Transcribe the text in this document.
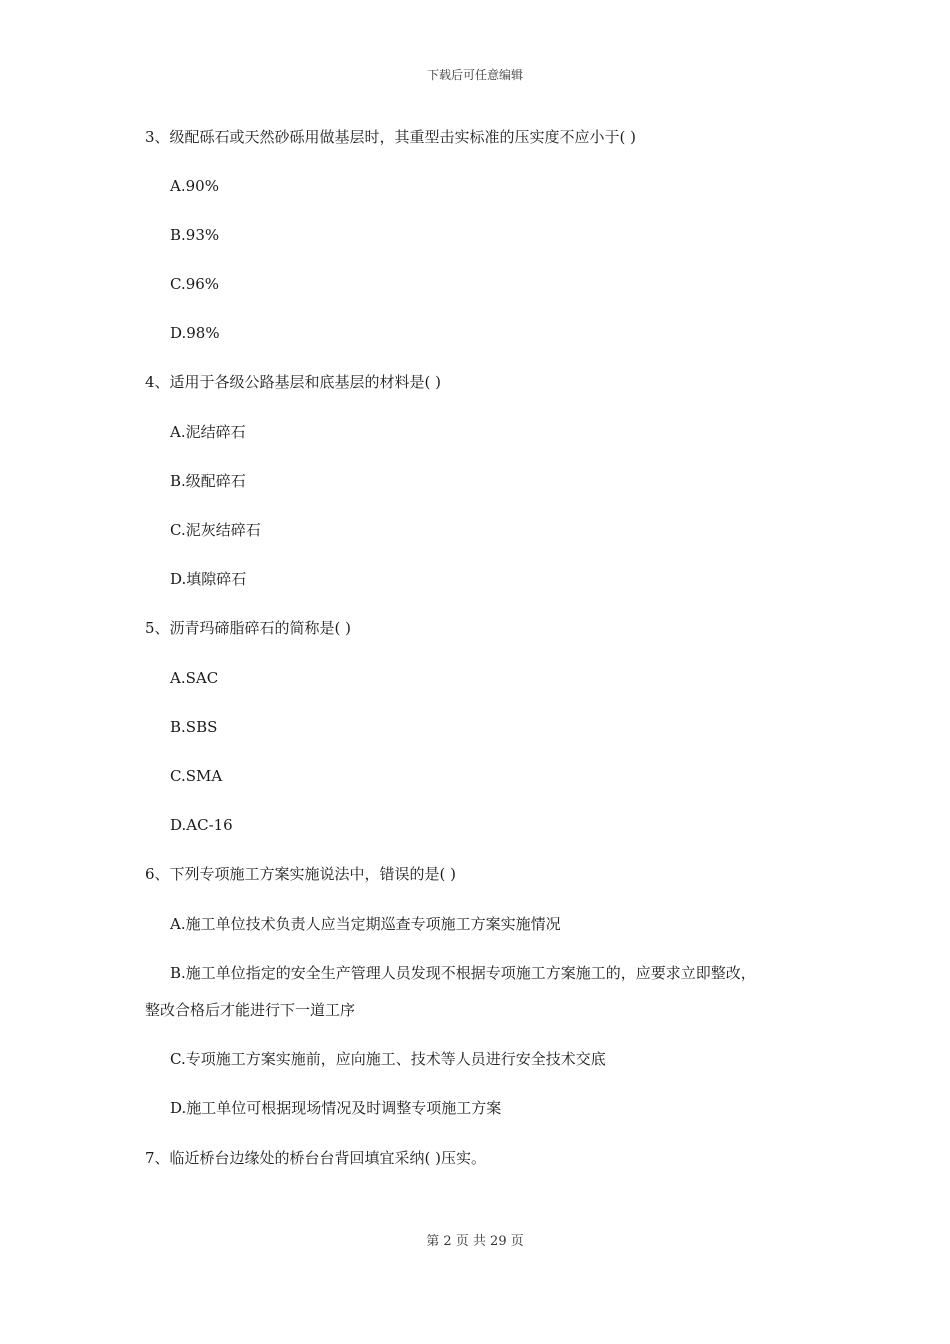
下载后可任意编辑
3、级配砾石或天然砂砾用做基层时，其重型击实标准的压实度不应小于( )
A.90%
B.93%
C.96%
D.98%
4、适用于各级公路基层和底基层的材料是( )
A.泥结碎石
B.级配碎石
C.泥灰结碎石
D.填隙碎石
5、沥青玛碲脂碎石的简称是( )
A.SAC
B.SBS
C.SMA
D.AC-16
6、下列专项施工方案实施说法中，错误的是( )
A.施工单位技术负责人应当定期巡查专项施工方案实施情况
B.施工单位指定的安全生产管理人员发现不根据专项施工方案施工的，应要求立即整改，
整改合格后才能进行下一道工序
C.专项施工方案实施前，应向施工、技术等人员进行安全技术交底
D.施工单位可根据现场情况及时调整专项施工方案
7、临近桥台边缘处的桥台台背回填宜采纳( )压实。
第 2 页 共 29 页
